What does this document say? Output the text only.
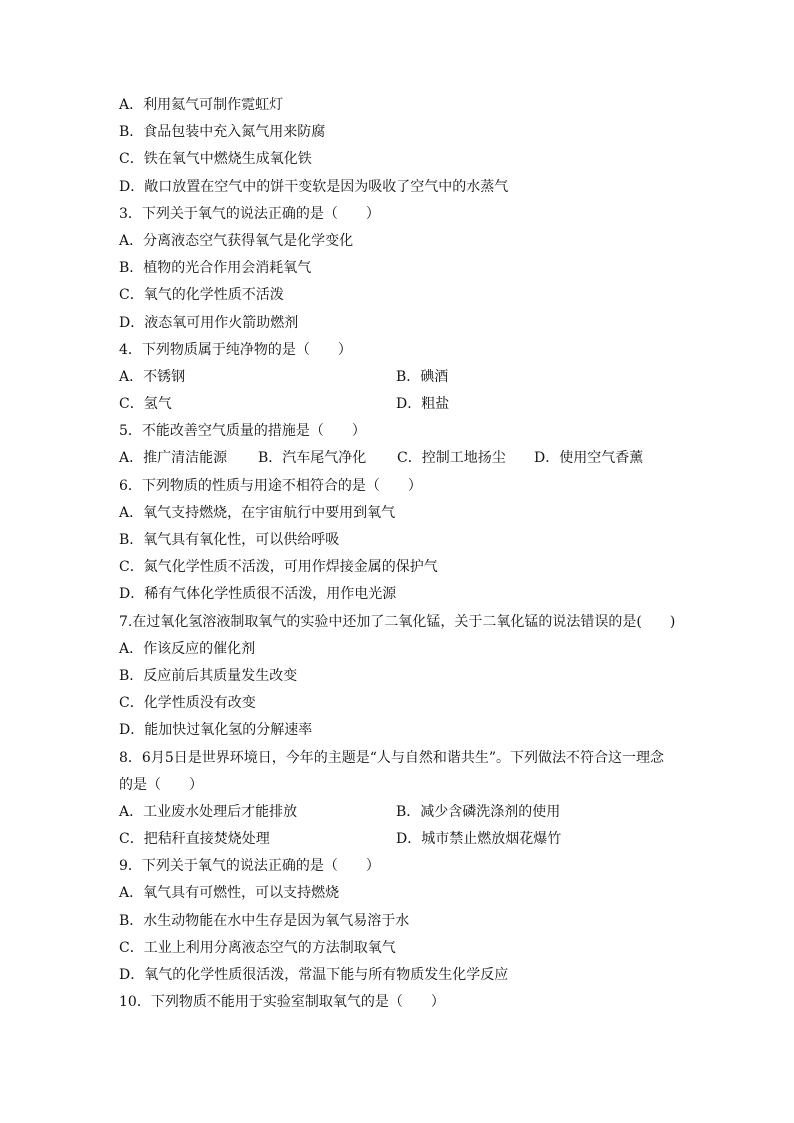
A．利用氦气可制作霓虹灯
B．食品包装中充入氮气用来防腐
C．铁在氧气中燃烧生成氧化铁
D．敞口放置在空气中的饼干变软是因为吸收了空气中的水蒸气
3．下列关于氧气的说法正确的是（　　）
A．分离液态空气获得氧气是化学变化
B．植物的光合作用会消耗氧气
C．氧气的化学性质不活泼
D．液态氧可用作火箭助燃剂
4．下列物质属于纯净物的是（　　）
A．不锈钢	B．碘酒
C．氢气	D．粗盐
5．不能改善空气质量的措施是（　　）
A．推广清洁能源	B．汽车尾气净化	C．控制工地扬尘	D．使用空气香薰
6．下列物质的性质与用途不相符合的是（　　）
A．氧气支持燃烧，在宇宙航行中要用到氧气
B．氧气具有氧化性，可以供给呼吸
C．氮气化学性质不活泼，可用作焊接金属的保护气
D．稀有气体化学性质很不活泼，用作电光源
7.在过氧化氢溶液制取氧气的实验中还加了二氧化锰，关于二氧化锰的说法错误的是(　　)
A．作该反应的催化剂
B．反应前后其质量发生改变
C．化学性质没有改变
D．能加快过氧化氢的分解速率
8．6月5日是世界环境日，今年的主题是“人与自然和谐共生”。下列做法不符合这一理念
的是（　　）
A．工业废水处理后才能排放	B．减少含磷洗涤剂的使用
C．把秸秆直接焚烧处理	D．城市禁止燃放烟花爆竹
9．下列关于氧气的说法正确的是（　　）
A．氧气具有可燃性，可以支持燃烧
B．水生动物能在水中生存是因为氧气易溶于水
C．工业上利用分离液态空气的方法制取氧气
D．氧气的化学性质很活泼，常温下能与所有物质发生化学反应
10．下列物质不能用于实验室制取氧气的是（　　）
